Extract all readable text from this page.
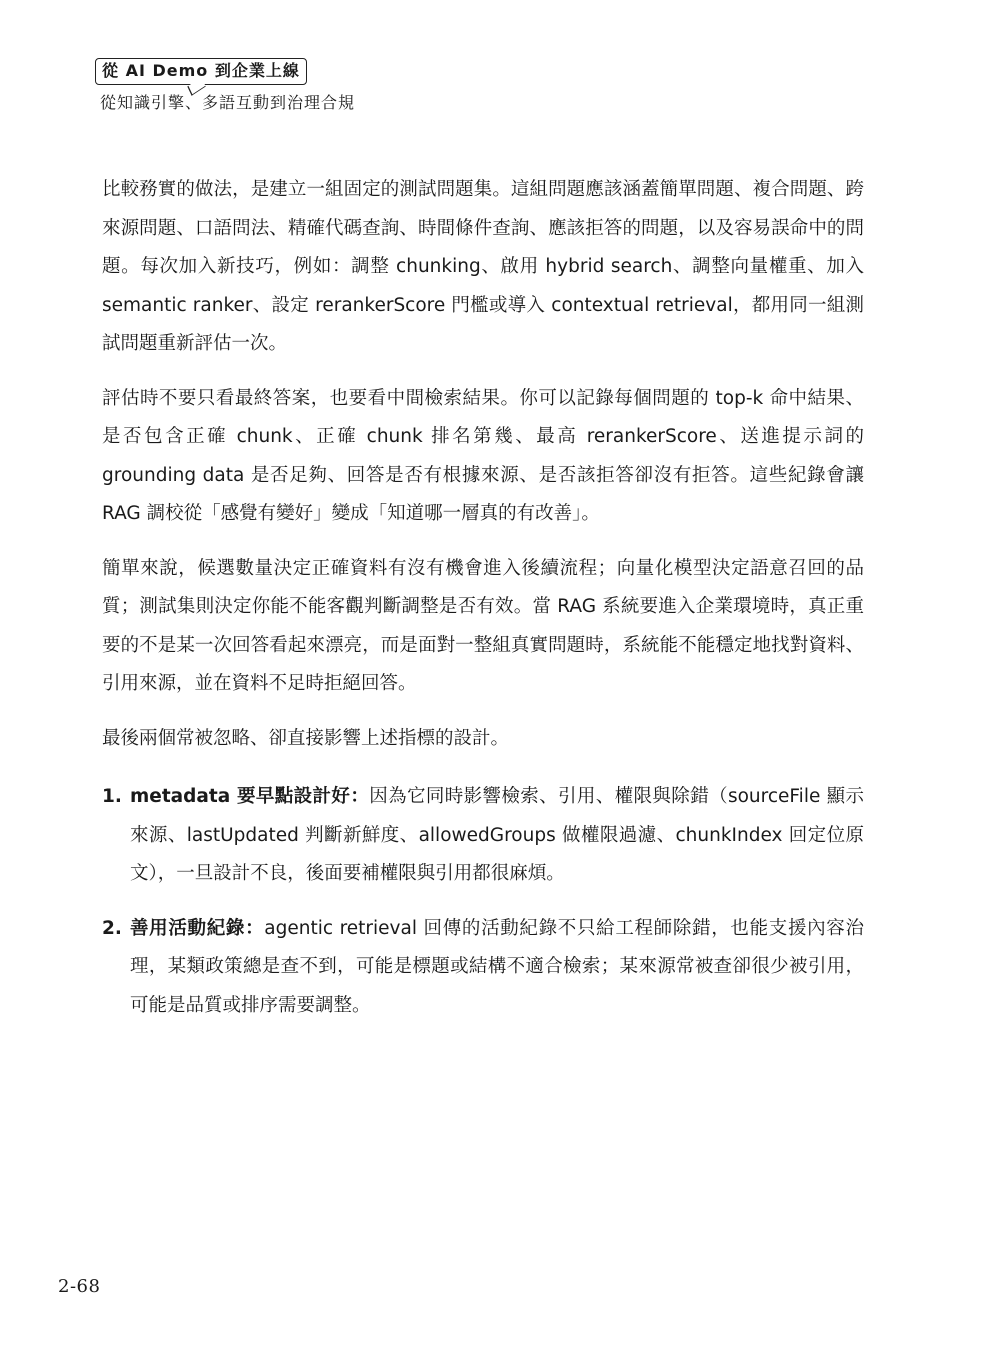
從 AI Demo 到企業上線
從知識引擎、多語互動到治理合規

比較務實的做法，是建立一組固定的測試問題集。這組問題應該涵蓋簡單問題、複合問題、跨來源問題、口語問法、精確代碼查詢、時間條件查詢、應該拒答的問題，以及容易誤命中的問題。每次加入新技巧，例如：調整 chunking、啟用 hybrid search、調整向量權重、加入 semantic ranker、設定 rerankerScore 門檻或導入 contextual retrieval，都用同一組測試問題重新評估一次。

評估時不要只看最終答案，也要看中間檢索結果。你可以記錄每個問題的 top-k 命中結果、是否包含正確 chunk、正確 chunk 排名第幾、最高 rerankerScore、送進提示詞的 grounding data 是否足夠、回答是否有根據來源、是否該拒答卻沒有拒答。這些紀錄會讓 RAG 調校從「感覺有變好」變成「知道哪一層真的有改善」。

簡單來說，候選數量決定正確資料有沒有機會進入後續流程；向量化模型決定語意召回的品質；測試集則決定你能不能客觀判斷調整是否有效。當 RAG 系統要進入企業環境時，真正重要的不是某一次回答看起來漂亮，而是面對一整組真實問題時，系統能不能穩定地找對資料、引用來源，並在資料不足時拒絕回答。

最後兩個常被忽略、卻直接影響上述指標的設計。

1. metadata 要早點設計好：因為它同時影響檢索、引用、權限與除錯（sourceFile 顯示來源、lastUpdated 判斷新鮮度、allowedGroups 做權限過濾、chunkIndex 回定位原文），一旦設計不良，後面要補權限與引用都很麻煩。
2. 善用活動紀錄：agentic retrieval 回傳的活動紀錄不只給工程師除錯，也能支援內容治理，某類政策總是查不到，可能是標題或結構不適合檢索；某來源常被查卻很少被引用，可能是品質或排序需要調整。
2-68
